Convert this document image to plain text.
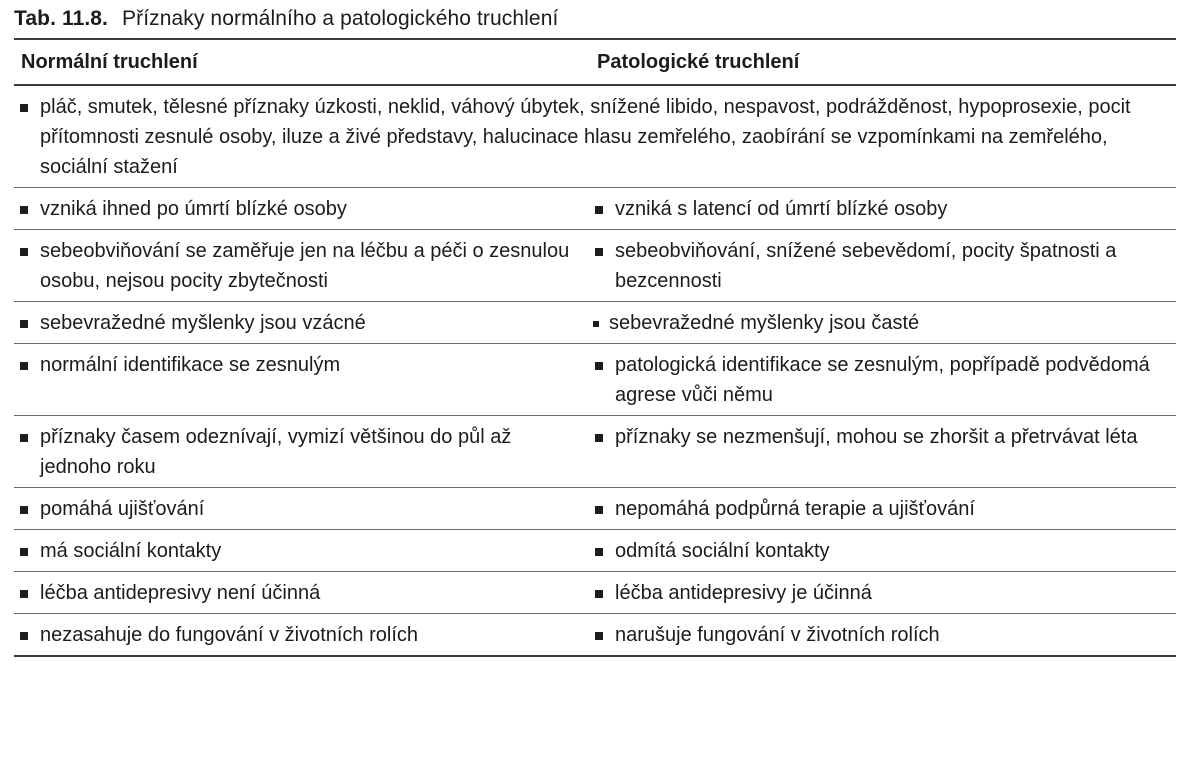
Tab. 11.8. Příznaky normálního a patologického truchlení
Normální truchlení	Patologické truchlení

pláč, smutek, tělesné příznaky úzkosti, neklid, váhový úbytek, snížené libido, nespavost, podrážděnost, hypoprosexie, pocit přítomnosti zesnulé osoby, iluze a živé představy, halucinace hlasu zemřelého, zaobírání se vzpomínkami na zemřelého, sociální stažení	

vzniká ihned po úmrtí blízké osoby	vzniká s latencí od úmrtí blízké osoby

sebeobviňování se zaměřuje jen na léčbu a péči o zesnulou osobu, nejsou pocity zbytečnosti	sebeobviňování, snížené sebevědomí, pocity špatnosti a bezcennosti

sebevražedné myšlenky jsou vzácné	sebevražedné myšlenky jsou časté

normální identifikace se zesnulým	patologická identifikace se zesnulým, popřípadě podvědomá agrese vůči němu

příznaky časem odeznívají, vymizí většinou do půl až jednoho roku	příznaky se nezmenšují, mohou se zhoršit a přetrvávat léta

pomáhá ujišťování	nepomáhá podpůrná terapie a ujišťování

má sociální kontakty	odmítá sociální kontakty

léčba antidepresivy není účinná	léčba antidepresivy je účinná

nezasahuje do fungování v životních rolích	narušuje fungování v životních rolích
